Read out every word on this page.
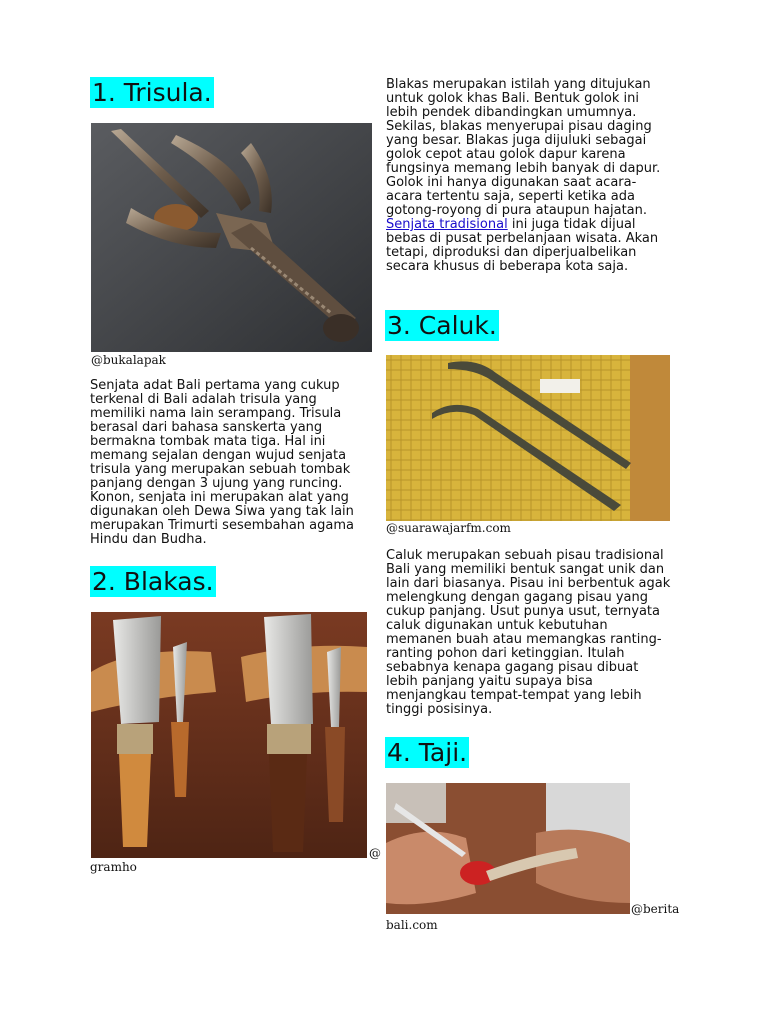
1. Trisula.
@bukalapak

Senjata adat Bali pertama yang cukup terkenal di Bali adalah trisula yang memiliki nama lain serampang. Trisula berasal dari bahasa sanskerta yang bermakna tombak mata tiga. Hal ini memang sejalan dengan wujud senjata trisula yang merupakan sebuah tombak panjang dengan 3 ujung yang runcing. Konon, senjata ini merupakan alat yang digunakan oleh Dewa Siwa yang tak lain merupakan Trimurti sesembahan agama Hindu dan Budha.

2. Blakas.
@
gramho

Blakas merupakan istilah yang ditujukan untuk golok khas Bali. Bentuk golok ini lebih pendek dibandingkan umumnya. Sekilas, blakas menyerupai pisau daging yang besar. Blakas juga dijuluki sebagai golok cepot atau golok dapur karena fungsinya memang lebih banyak di dapur. Golok ini hanya digunakan saat acara-acara tertentu saja, seperti ketika ada gotong-royong di pura ataupun hajatan. Senjata tradisional ini juga tidak dijual bebas di pusat perbelanjaan wisata. Akan tetapi, diproduksi dan diperjualbelikan secara khusus di beberapa kota saja.

3. Caluk.
@suarawajarfm.com

Caluk merupakan sebuah pisau tradisional Bali yang memiliki bentuk sangat unik dan lain dari biasanya. Pisau ini berbentuk agak melengkung dengan gagang pisau yang cukup panjang. Usut punya usut, ternyata caluk digunakan untuk kebutuhan memanen buah atau memangkas ranting-ranting pohon dari ketinggian. Itulah sebabnya kenapa gagang pisau dibuat lebih panjang yaitu supaya bisa menjangkau tempat-tempat yang lebih tinggi posisinya.

4. Taji.
@berita
bali.com
